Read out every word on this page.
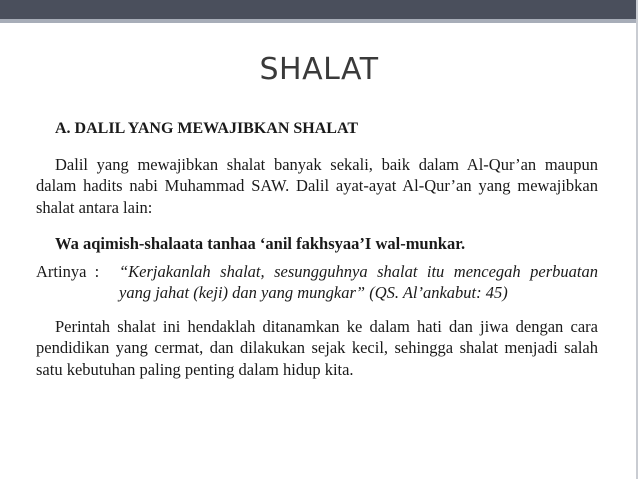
SHALAT
A. DALIL YANG MEWAJIBKAN SHALAT

Dalil yang mewajibkan shalat banyak sekali, baik dalam Al-Qur’an maupun dalam hadits nabi Muhammad SAW. Dalil ayat-ayat Al-Qur’an yang mewajibkan shalat antara lain:

Wa aqimish-shalaata tanhaa ‘anil fakhsyaa’I wal-munkar.
Artinya  :	“Kerjakanlah shalat, sesungguhnya shalat itu mencegah perbuatan yang jahat (keji) dan yang mungkar” (QS. Al’ankabut: 45)

Perintah shalat ini hendaklah ditanamkan ke dalam hati dan jiwa dengan cara pendidikan yang cermat, dan dilakukan sejak kecil, sehingga shalat menjadi salah satu kebutuhan paling penting dalam hidup kita.
